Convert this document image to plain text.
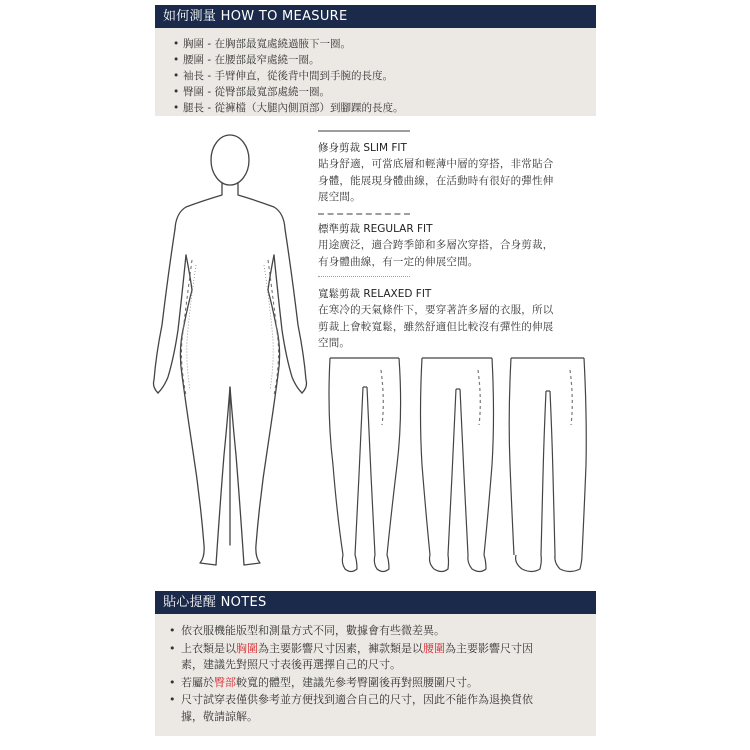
如何測量 HOW TO MEASURE
• 胸圍 - 在胸部最寬處繞過腋下一圈。
• 腰圍 - 在腰部最窄處繞一圈。
• 袖長 - 手臂伸直，從後背中間到手腕的長度。
• 臀圍 - 從臀部最寬部處繞一圈。
• 腿長 - 從褲檔（大腿內側頂部）到腳踝的長度。

修身剪裁 SLIM FIT

貼身舒適，可當底層和輕薄中層的穿搭，非常貼合

身體，能展現身體曲線，在活動時有很好的彈性伸

展空間。

標準剪裁 REGULAR FIT

用途廣泛，適合跨季節和多層次穿搭，合身剪裁，

有身體曲線，有一定的伸展空間。

寬鬆剪裁 RELAXED FIT

在寒冷的天氣條件下，要穿著許多層的衣服，所以

剪裁上會較寬鬆，雖然舒適但比較沒有彈性的伸展

空間。

貼心提醒 NOTES
• 依衣服機能版型和測量方式不同，數據會有些微差異。
• 上衣類是以胸圍為主要影響尺寸因素，褲款類是以腰圍為主要影響尺寸因
素，建議先對照尺寸表後再選擇自己的尺寸。
• 若屬於臀部較寬的體型，建議先參考臀圍後再對照腰圍尺寸。
• 尺寸試穿表僅供參考並方便找到適合自己的尺寸，因此不能作為退換貨依
據，敬請諒解。
